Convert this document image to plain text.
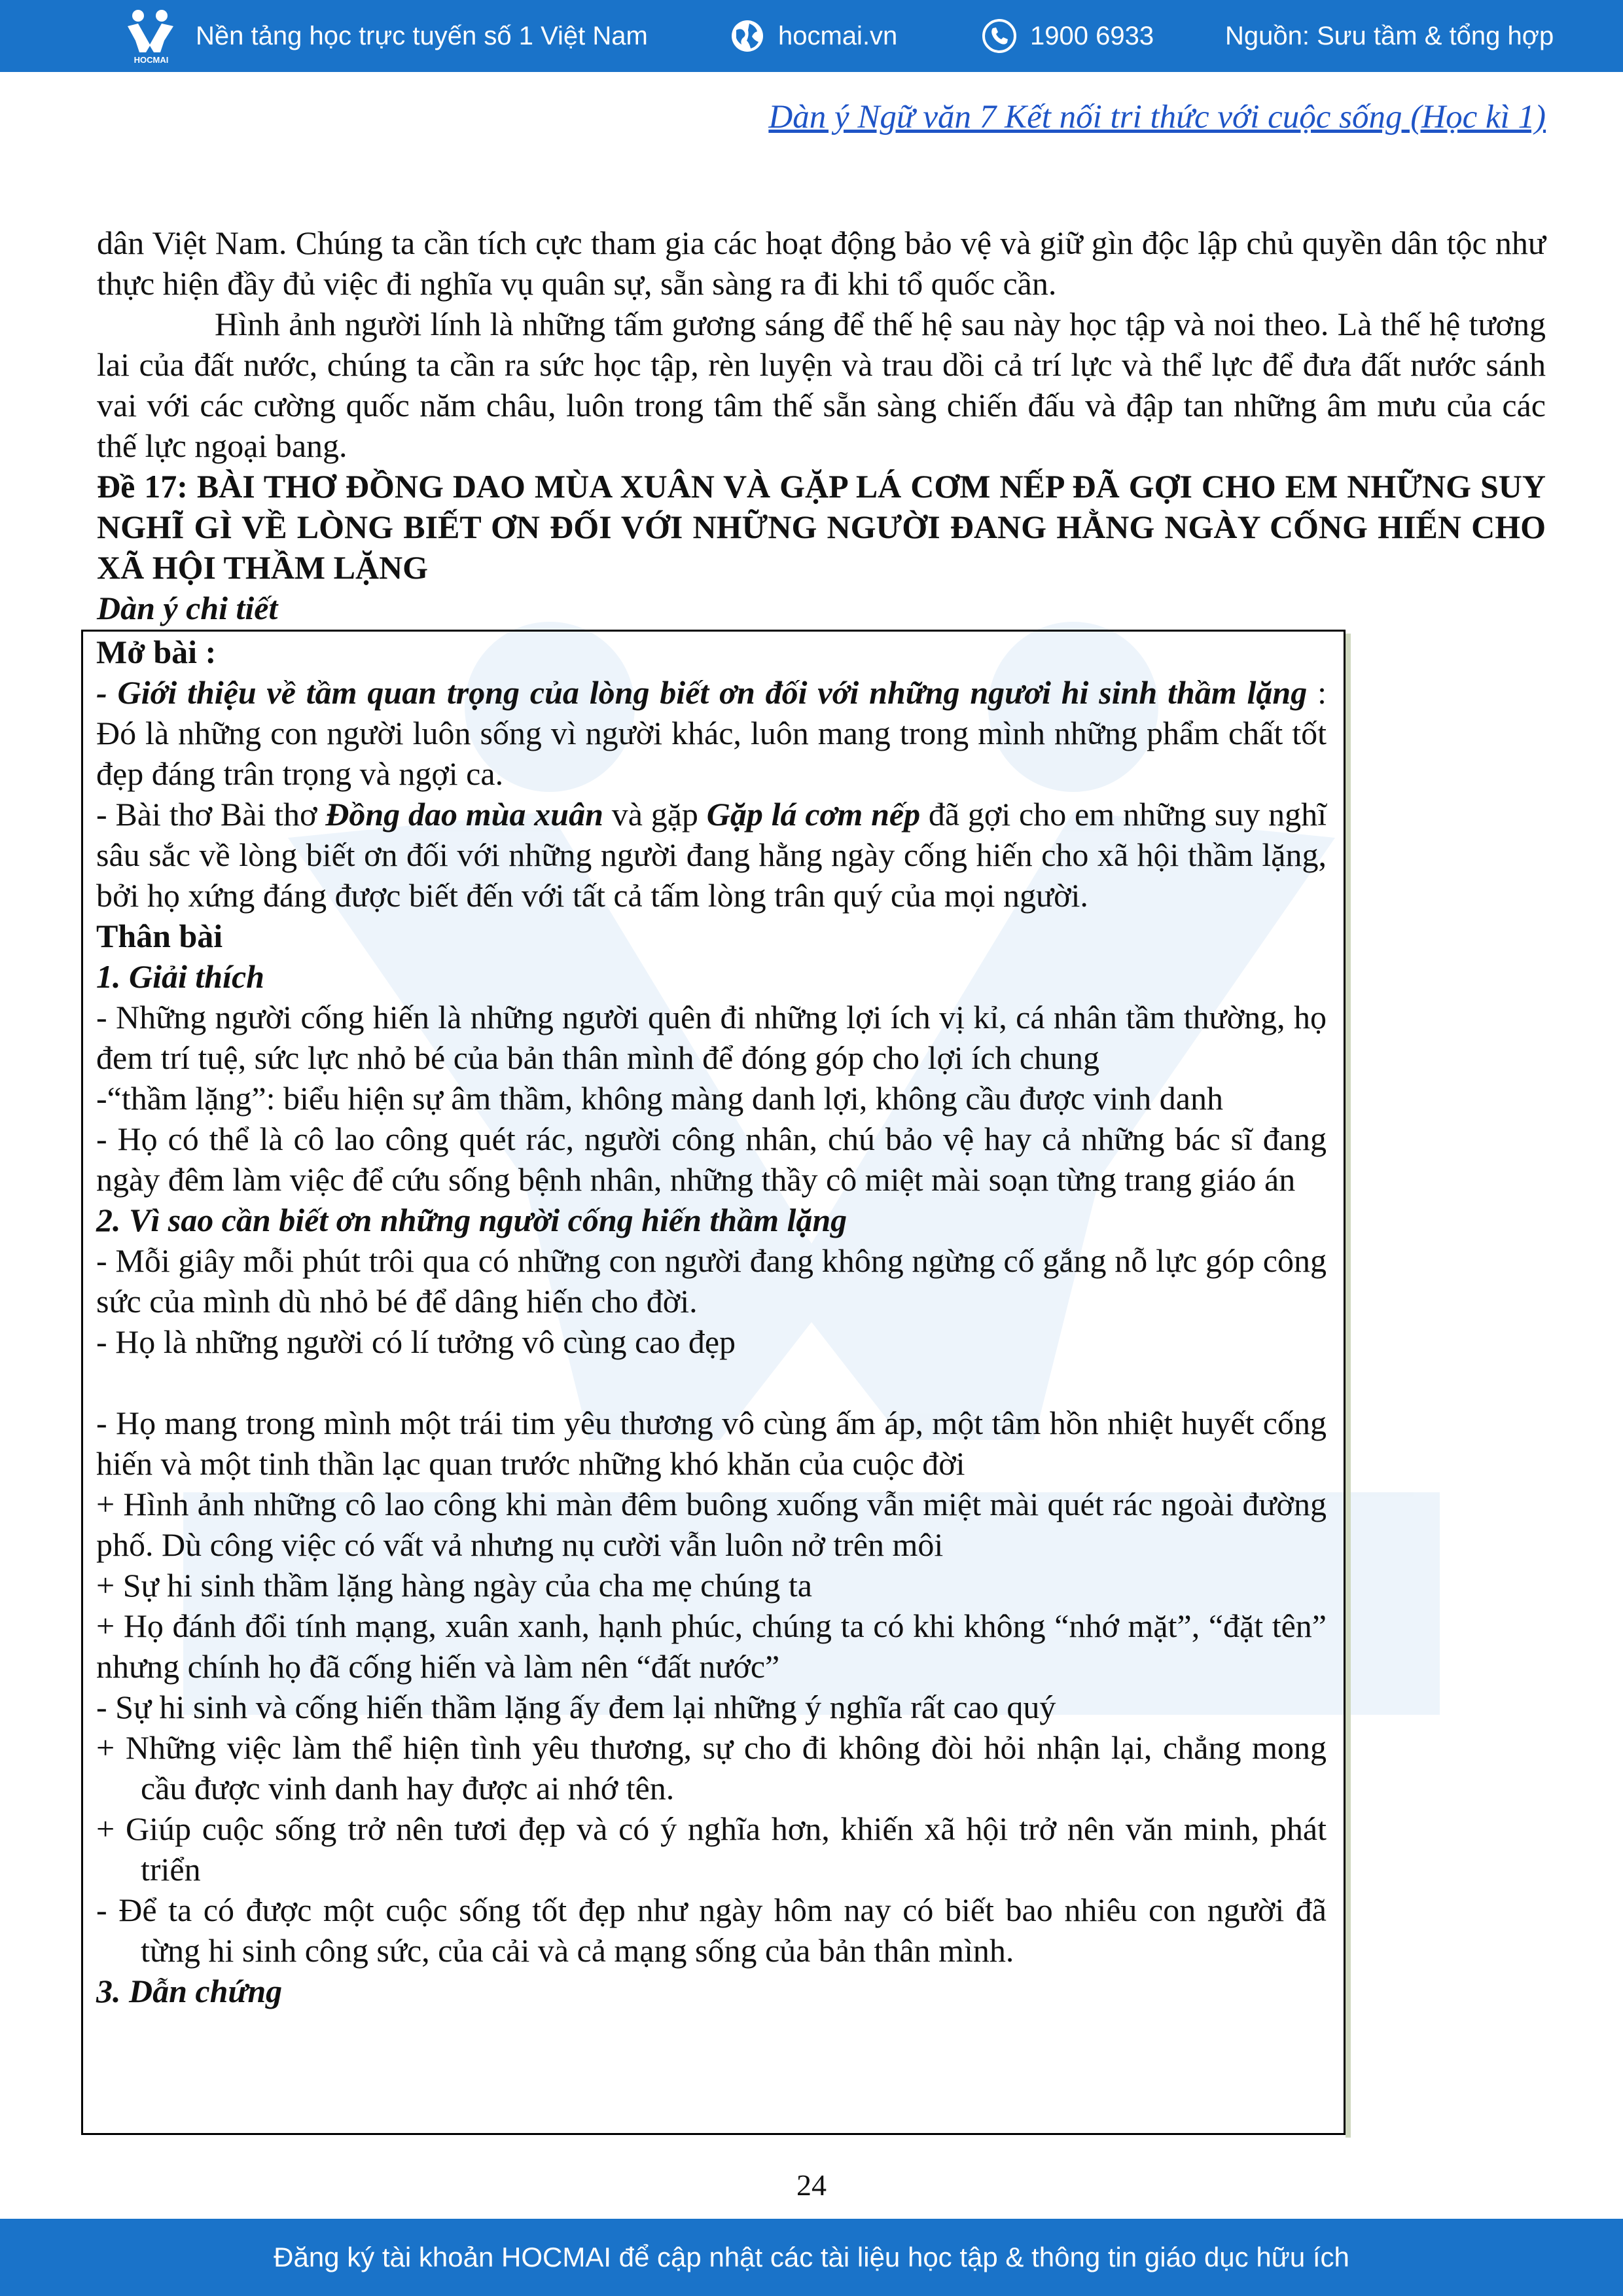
HOCMAI
Nền tảng học trực tuyến số 1 Việt Nam	hocmai.vn	1900 6933	Nguồn: Sưu tầm & tổng hợp
Dàn ý Ngữ văn 7 Kết nối tri thức với cuộc sống (Học kì 1)

dân Việt Nam. Chúng ta cần tích cực tham gia các hoạt động bảo vệ và giữ gìn độc lập chủ quyền dân tộc như thực hiện đầy đủ việc đi nghĩa vụ quân sự, sẵn sàng ra đi khi tổ quốc cần.

Hình ảnh người lính là những tấm gương sáng để thế hệ sau này học tập và noi theo. Là thế hệ tương lai của đất nước, chúng ta cần ra sức học tập, rèn luyện và trau dồi cả trí lực và thể lực để đưa đất nước sánh vai với các cường quốc năm châu, luôn trong tâm thế sẵn sàng chiến đấu và đập tan những âm mưu của các thế lực ngoại bang.

Đề 17: BÀI THƠ ĐỒNG DAO MÙA XUÂN VÀ GẶP LÁ CƠM NẾP ĐÃ GỢI CHO EM NHỮNG SUY NGHĨ GÌ VỀ LÒNG BIẾT ƠN ĐỐI VỚI NHỮNG NGƯỜI ĐANG HẰNG NGÀY CỐNG HIẾN CHO XÃ HỘI THẦM LẶNG

Dàn ý chi tiết

Mở bài :

- Giới thiệu về tầm quan trọng của lòng biết ơn đối với những ngươi hi sinh thầm lặng : Đó là những con người luôn sống vì người khác, luôn mang trong mình những phẩm chất tốt đẹp đáng trân trọng và ngợi ca.

- Bài thơ Bài thơ Đồng dao mùa xuân và gặp Gặp lá cơm nếp đã gợi cho em những suy nghĩ sâu sắc về lòng biết ơn đối với những người đang hằng ngày cống hiến cho xã hội thầm lặng, bởi họ xứng đáng được biết đến với tất cả tấm lòng trân quý của mọi người.

Thân bài

1. Giải thích

- Những người cống hiến là những người quên đi những lợi ích vị kỉ, cá nhân tầm thường, họ đem trí tuệ, sức lực nhỏ bé của bản thân mình để đóng góp cho lợi ích chung

-“thầm lặng”: biểu hiện sự âm thầm, không màng danh lợi, không cầu được vinh danh

- Họ có thể là cô lao công quét rác, người công nhân, chú bảo vệ hay cả những bác sĩ đang ngày đêm làm việc để cứu sống bệnh nhân, những thầy cô miệt mài soạn từng trang giáo án

2. Vì sao cần biết ơn những người cống hiến thầm lặng

- Mỗi giây mỗi phút trôi qua có những con người đang không ngừng cố gắng nỗ lực góp công sức của mình dù nhỏ bé để dâng hiến cho đời.

- Họ là những người có lí tưởng vô cùng cao đẹp

- Họ mang trong mình một trái tim yêu thương vô cùng ấm áp, một tâm hồn nhiệt huyết cống hiến và một tinh thần lạc quan trước những khó khăn của cuộc đời

+ Hình ảnh những cô lao công khi màn đêm buông xuống vẫn miệt mài quét rác ngoài đường phố. Dù công việc có vất vả nhưng nụ cười vẫn luôn nở trên môi

+ Sự hi sinh thầm lặng hàng ngày của cha mẹ chúng ta

+ Họ đánh đổi tính mạng, xuân xanh, hạnh phúc, chúng ta có khi không “nhớ mặt”, “đặt tên” nhưng chính họ đã cống hiến và làm nên “đất nước”

- Sự hi sinh và cống hiến thầm lặng ấy đem lại những ý nghĩa rất cao quý

+ Những việc làm thể hiện tình yêu thương, sự cho đi không đòi hỏi nhận lại, chẳng mong cầu được vinh danh hay được ai nhớ tên.

+ Giúp cuộc sống trở nên tươi đẹp và có ý nghĩa hơn, khiến xã hội trở nên văn minh, phát triển

- Để ta có được một cuộc sống tốt đẹp như ngày hôm nay có biết bao nhiêu con người đã từng hi sinh công sức, của cải và cả mạng sống của bản thân mình.

3. Dẫn chứng

24
Đăng ký tài khoản HOCMAI để cập nhật các tài liệu học tập & thông tin giáo dục hữu ích
